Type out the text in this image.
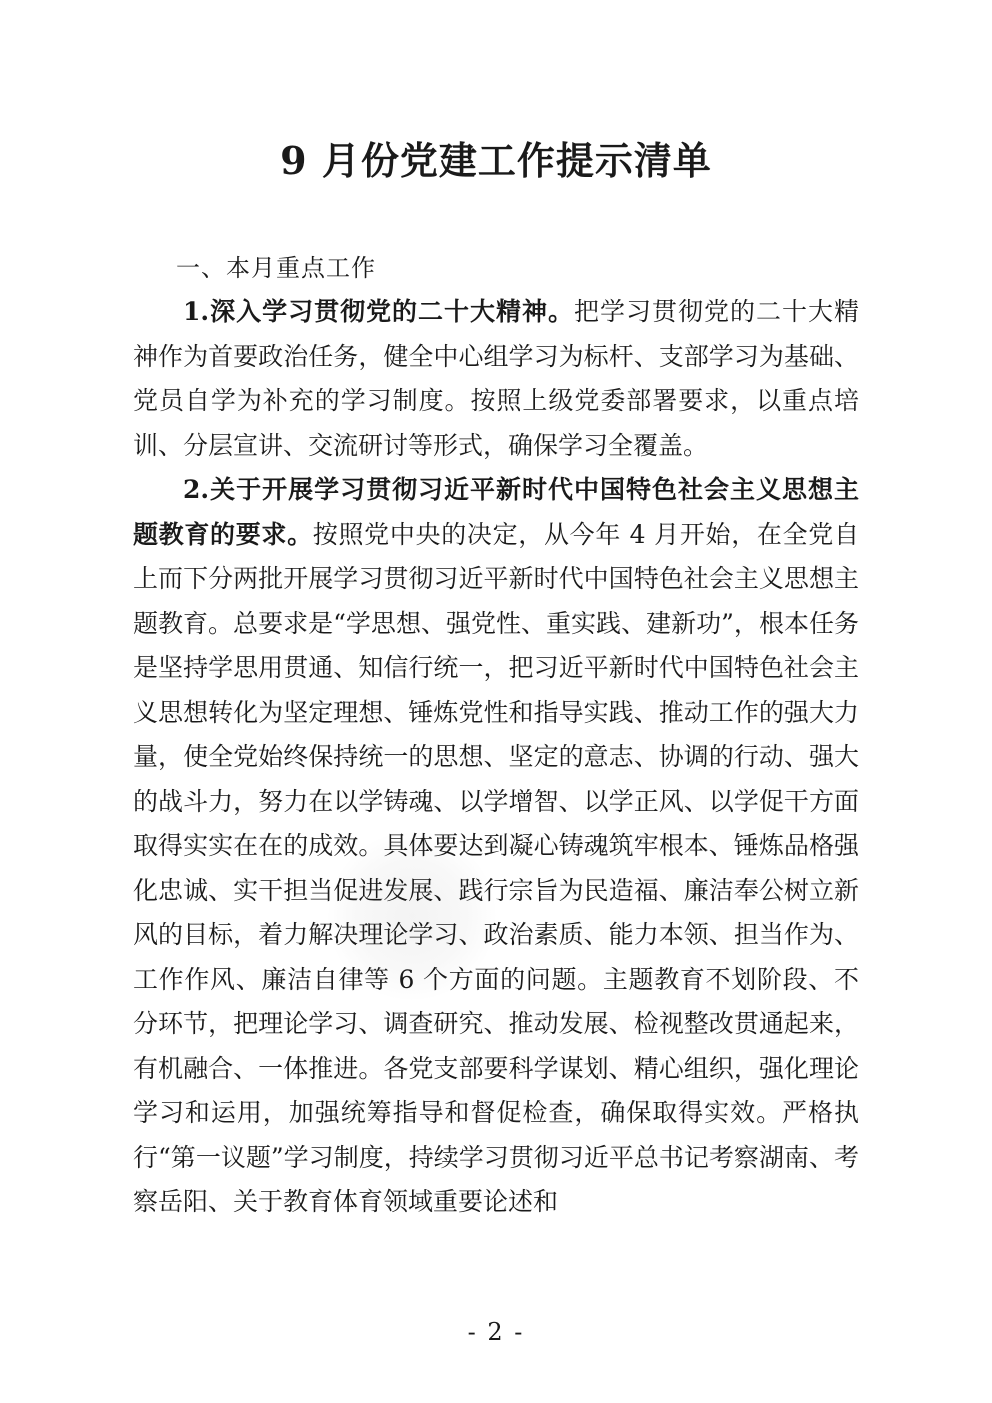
9 月份党建工作提示清单
一、本月重点工作

1.深入学习贯彻党的二十大精神。把学习贯彻党的二十大精神作为首要政治任务，健全中心组学习为标杆、支部学习为基础、党员自学为补充的学习制度。按照上级党委部署要求，以重点培训、分层宣讲、交流研讨等形式，确保学习全覆盖。

2.关于开展学习贯彻习近平新时代中国特色社会主义思想主题教育的要求。按照党中央的决定，从今年 4 月开始，在全党自上而下分两批开展学习贯彻习近平新时代中国特色社会主义思想主题教育。总要求是“学思想、强党性、重实践、建新功”，根本任务是坚持学思用贯通、知信行统一，把习近平新时代中国特色社会主义思想转化为坚定理想、锤炼党性和指导实践、推动工作的强大力量，使全党始终保持统一的思想、坚定的意志、协调的行动、强大的战斗力，努力在以学铸魂、以学增智、以学正风、以学促干方面取得实实在在的成效。具体要达到凝心铸魂筑牢根本、锤炼品格强化忠诚、实干担当促进发展、践行宗旨为民造福、廉洁奉公树立新风的目标，着力解决理论学习、政治素质、能力本领、担当作为、工作作风、廉洁自律等 6 个方面的问题。主题教育不划阶段、不分环节，把理论学习、调查研究、推动发展、检视整改贯通起来，有机融合、一体推进。各党支部要科学谋划、精心组织，强化理论学习和运用，加强统筹指导和督促检查，确保取得实效。严格执行“第一议题”学习制度，持续学习贯彻习近平总书记考察湖南、考察岳阳、关于教育体育领域重要论述和

- 2 -
